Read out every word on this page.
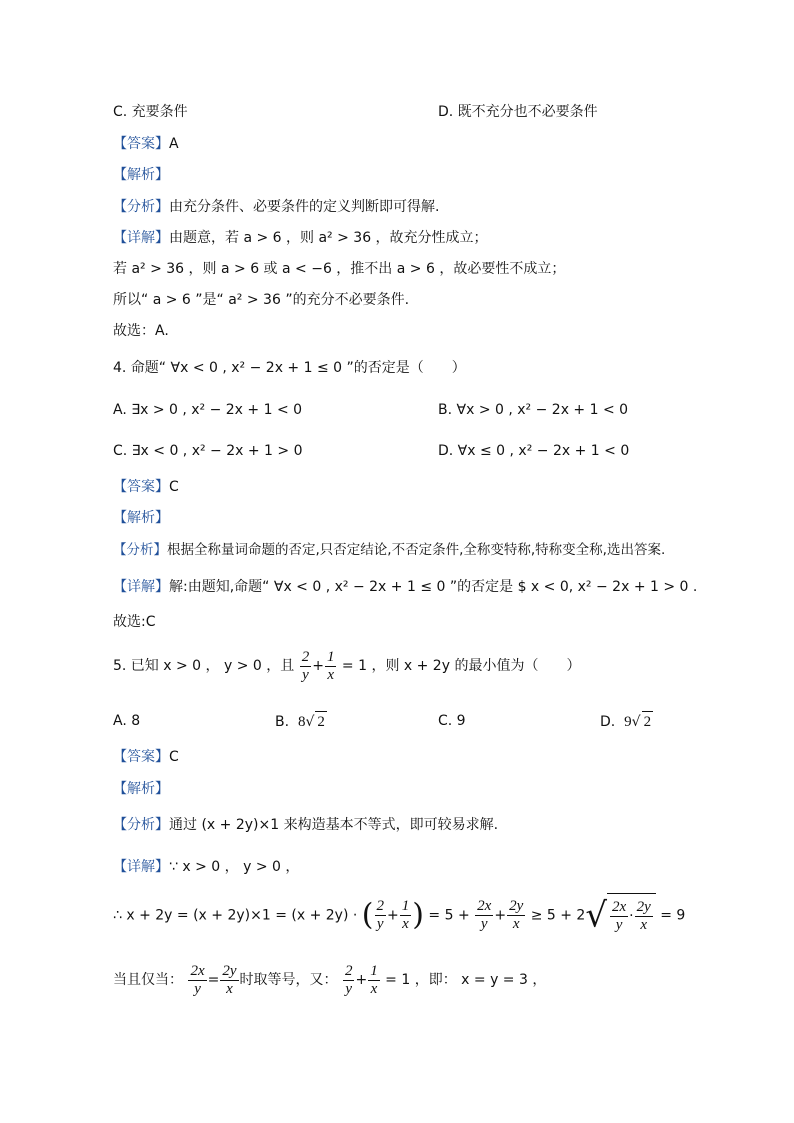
C. 充要条件	D. 既不充分也不必要条件
【答案】A
【解析】
【分析】由充分条件、必要条件的定义判断即可得解.
【详解】由题意，若 a > 6 ，则 a² > 36 ，故充分性成立；
若 a² > 36 ，则 a > 6 或 a < −6 ，推不出 a > 6 ，故必要性不成立；
所以“ a > 6 ”是“ a² > 36 ”的充分不必要条件.
故选：A.
4. 命题“ ∀x < 0 , x² − 2x + 1 ≤ 0 ”的否定是（　　）
A. ∃x > 0 , x² − 2x + 1 < 0	B. ∀x > 0 , x² − 2x + 1 < 0
C. ∃x < 0 , x² − 2x + 1 > 0	D. ∀x ≤ 0 , x² − 2x + 1 < 0
【答案】C
【解析】
【分析】根据全称量词命题的否定,只否定结论,不否定条件,全称变特称,特称变全称,选出答案.
【详解】解:由题知,命题“ ∀x < 0 , x² − 2x + 1 ≤ 0 ”的否定是 $ x < 0, x² − 2x + 1 > 0 .
故选:C
5. 已知 x > 0 ， y > 0 ，且 $\frac{2}{y} + \frac{1}{x} = 1$ ，则 x + 2y 的最小值为（　　）
A. 8	B. 8√ 2	C. 9	D. 9√ 2
【答案】C
【解析】
【分析】通过 (x + 2y)×1 来构造基本不等式，即可较易求解.
【详解】∵ x > 0 ， y > 0 ，
∴ x + 2y = (x + 2y)×1 = (x + 2y) · ( $\frac{2}{y} + \frac{1}{x}$ ) = $5 + \frac{2x}{y} + \frac{2y}{x} \ge 5 + 2√ \frac{2x}{y} \cdot \frac{2y}{x} = 9$
当且仅当： $\frac{2x}{y} = \frac{2y}{x}$ 时取等号，又： $\frac{2}{y} + \frac{1}{x} = 1$ ，即： x = y = 3 ，
